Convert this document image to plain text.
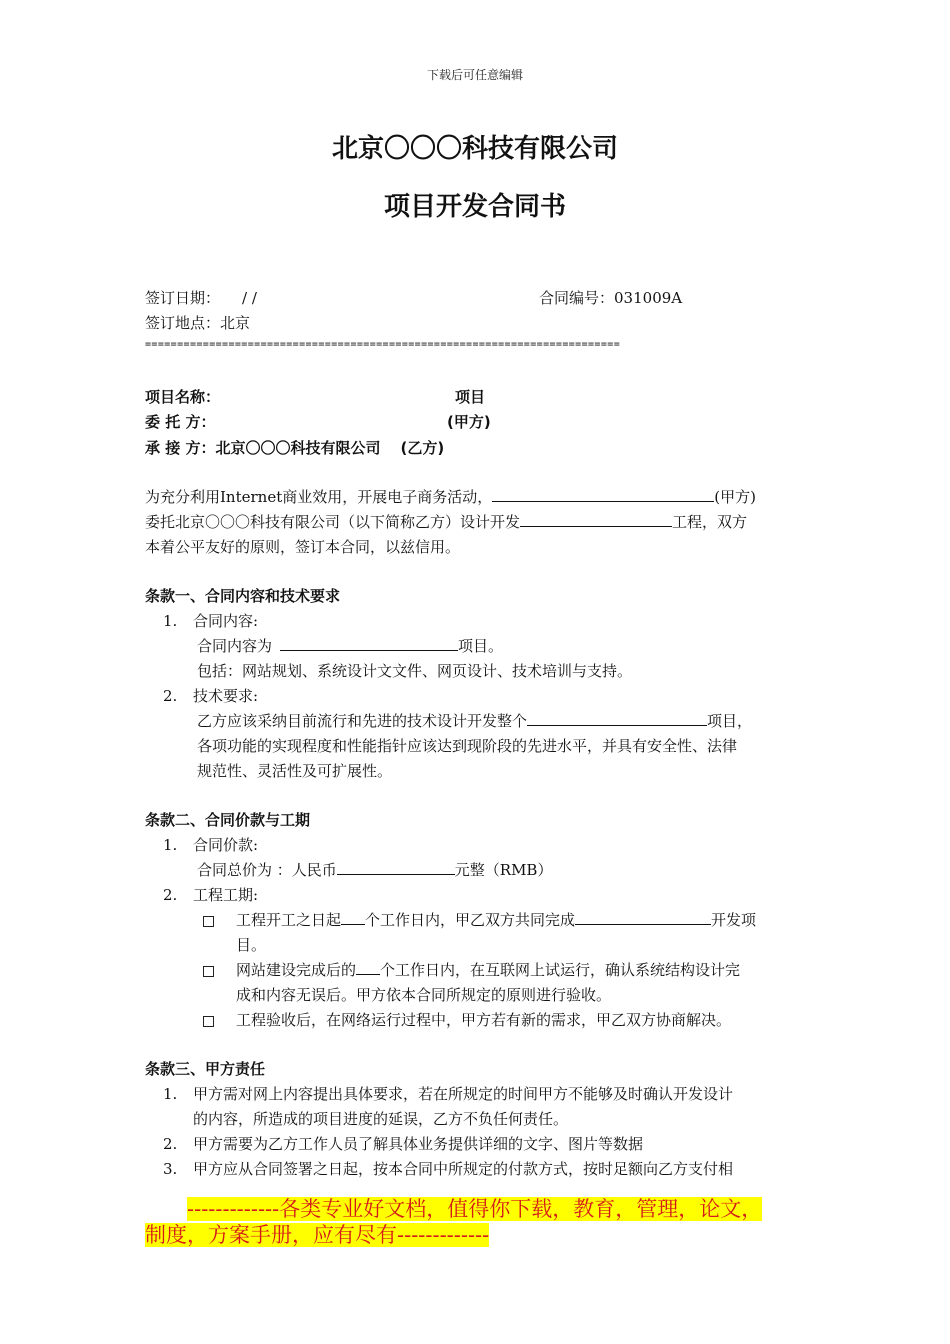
下载后可任意编辑
北京〇〇〇科技有限公司
项目开发合同书
签订日期： / /	合同编号：031009A
签订地点：北京
==========================================================================
项目名称：	项目
委 托 方：	(甲方)
承 接 方：北京〇〇〇科技有限公司 (乙方)
为充分利用Internet商业效用，开展电子商务活动，	(甲方)
委托北京〇〇〇科技有限公司（以下简称乙方）设计开发	工程，双方
本着公平友好的原则，签订本合同，以兹信用。
条款一、合同内容和技术要求
1. 合同内容:
合同内容为	项目。
包括：网站规划、系统设计文文件、网页设计、技术培训与支持。
2. 技术要求:
乙方应该采纳目前流行和先进的技术设计开发整个	项目，
各项功能的实现程度和性能指针应该达到现阶段的先进水平，并具有安全性、法律
规范性、灵活性及可扩展性。
条款二、合同价款与工期
1. 合同价款:
合同总价为 ：人民币	元整（RMB）
2. 工程工期:
工程开工之日起 个工作日内，甲乙双方共同完成	开发项
目。
网站建设完成后的 个工作日内，在互联网上试运行，确认系统结构设计完
成和内容无误后。甲方依本合同所规定的原则进行验收。
工程验收后，在网络运行过程中，甲方若有新的需求，甲乙双方协商解决。
条款三、甲方责任
1. 甲方需对网上内容提出具体要求，若在所规定的时间甲方不能够及时确认开发设计
的内容，所造成的项目进度的延误，乙方不负任何责任。
2. 甲方需要为乙方工作人员了解具体业务提供详细的文字、图片等数据
3. 甲方应从合同签署之日起，按本合同中所规定的付款方式，按时足额向乙方支付相
-------------各类专业好文档，值得你下载，教育，管理，论文，
制度，方案手册，应有尽有-------------
